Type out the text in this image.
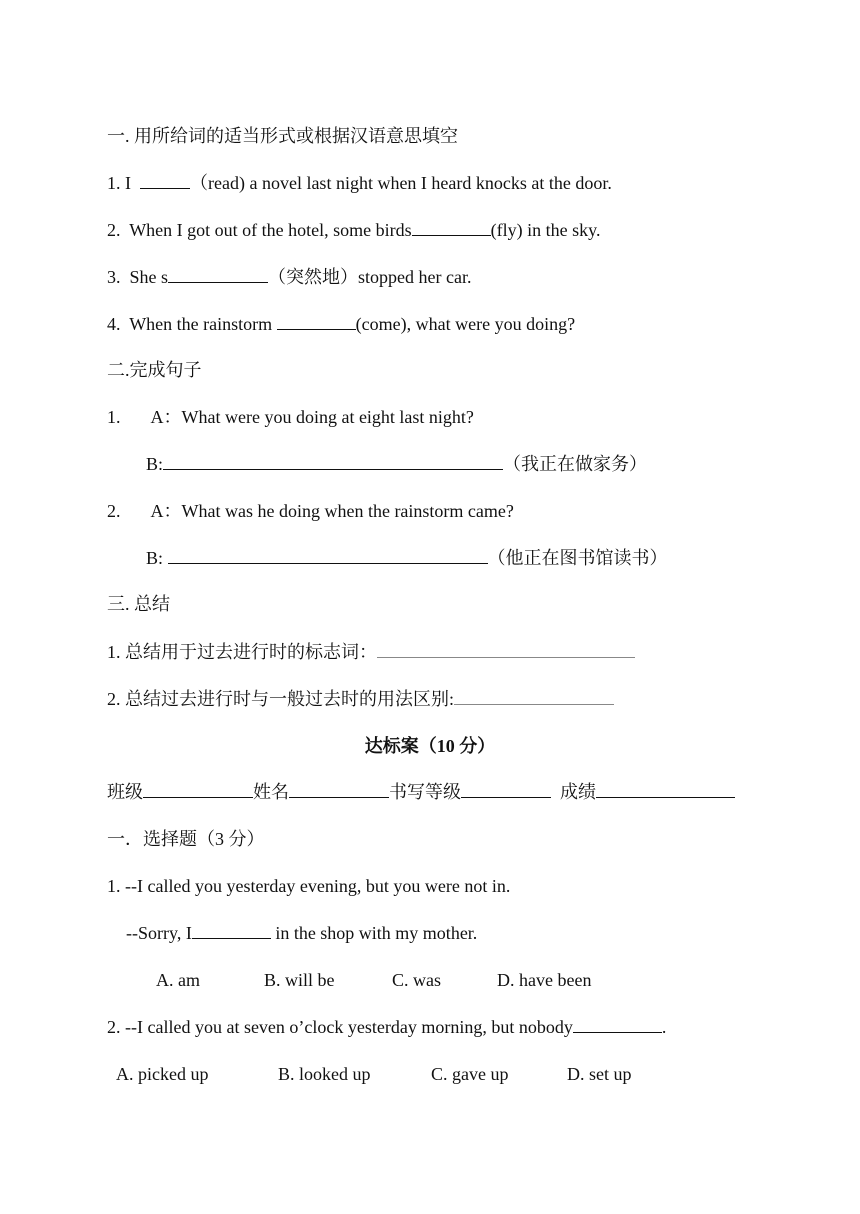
一. 用所给词的适当形式或根据汉语意思填空
1. I	（read) a novel last night when I heard knocks at the door.
2. When I got out of the hotel, some birds	(fly) in the sky.
3. She s	（突然地）stopped her car.
4. When the rainstorm	(come), what were you doing?
二.完成句子
1. A：What were you doing at eight last night?
B:	（我正在做家务）
2. A：What was he doing when the rainstorm came?
B:	（他正在图书馆读书）
三. 总结
1. 总结用于过去进行时的标志词：
2. 总结过去进行时与一般过去时的用法区别:
达标案（10 分）
班级	姓名	书写等级	成绩
一．选择题（3 分）
1. --I called you yesterday evening, but you were not in.
--Sorry, I	in the shop with my mother.
A. am	B. will be	C. was	D. have been
2. --I called you at seven o’clock yesterday morning, but nobody	.
A. picked up	B. looked up	C. gave up	D. set up
